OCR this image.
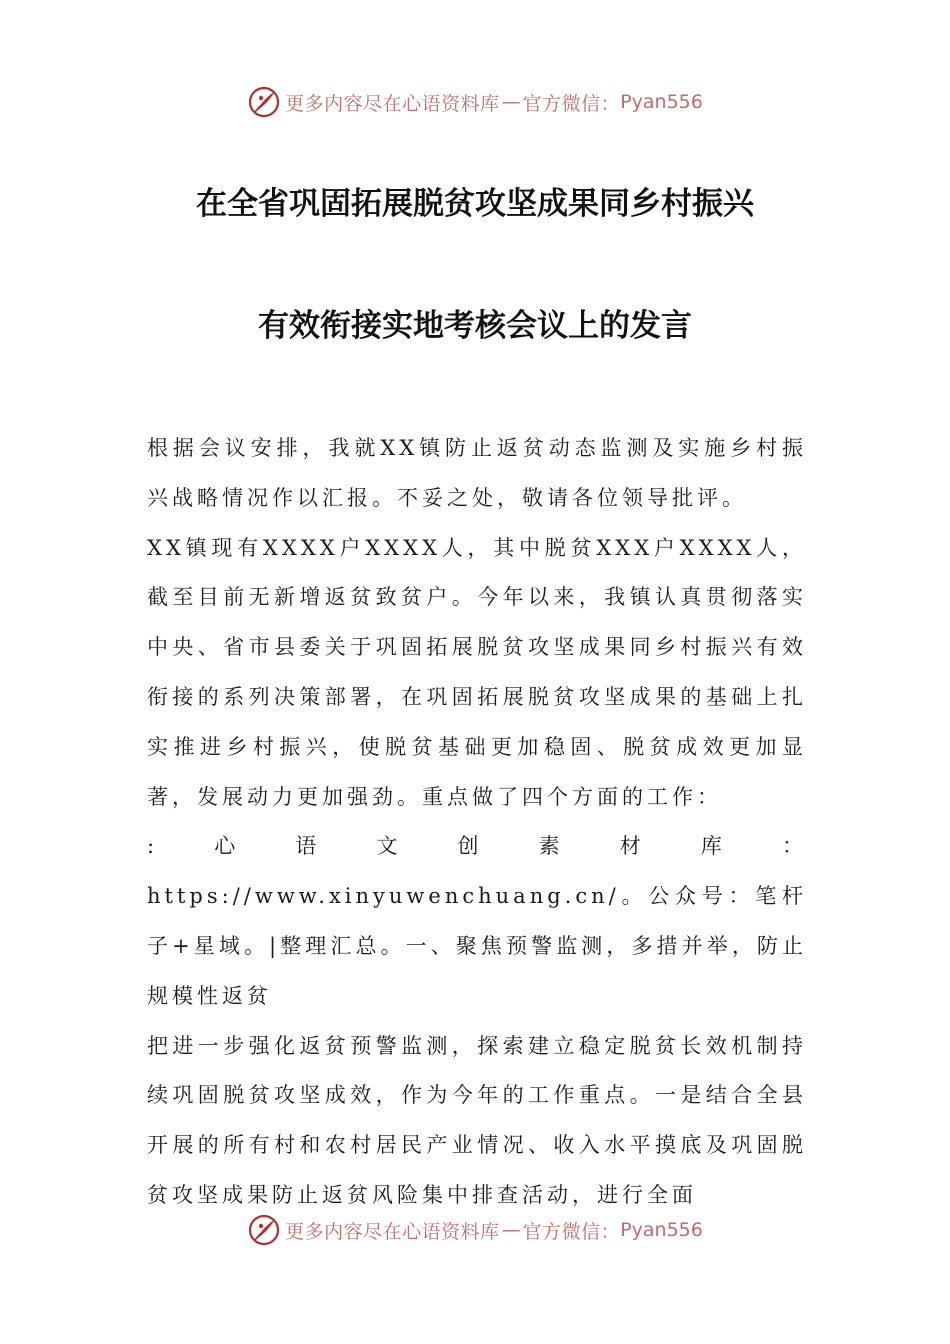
更多内容尽在心语资料库 — 官方微信： Pyan556
在全省巩固拓展脱贫攻坚成果同乡村振兴
有效衔接实地考核会议上的发言

根据会议安排，我就XX镇防止返贫动态监测及实施乡村振兴战略情况作以汇报。不妥之处，敬请各位领导批评。

XX镇现有XXXX户XXXX人，其中脱贫XXX户XXXX人，截至目前无新增返贫致贫户。今年以来，我镇认真贯彻落实中央、省市县委关于巩固拓展脱贫攻坚成果同乡村振兴有效衔接的系列决策部署，在巩固拓展脱贫攻坚成果的基础上扎实推进乡村振兴，使脱贫基础更加稳固、脱贫成效更加显著，发展动力更加强劲。重点做了四个方面的工作：

:心语文创素材库：https://www.xinyuwenchuang.cn/。公众号：笔杆子+星域。|整理汇总。一、聚焦预警监测，多措并举，防止规模性返贫

把进一步强化返贫预警监测，探索建立稳定脱贫长效机制持续巩固脱贫攻坚成效，作为今年的工作重点。一是结合全县开展的所有村和农村居民产业情况、收入水平摸底及巩固脱贫攻坚成果防止返贫风险集中排查活动，进行全面

更多内容尽在心语资料库 — 官方微信： Pyan556
